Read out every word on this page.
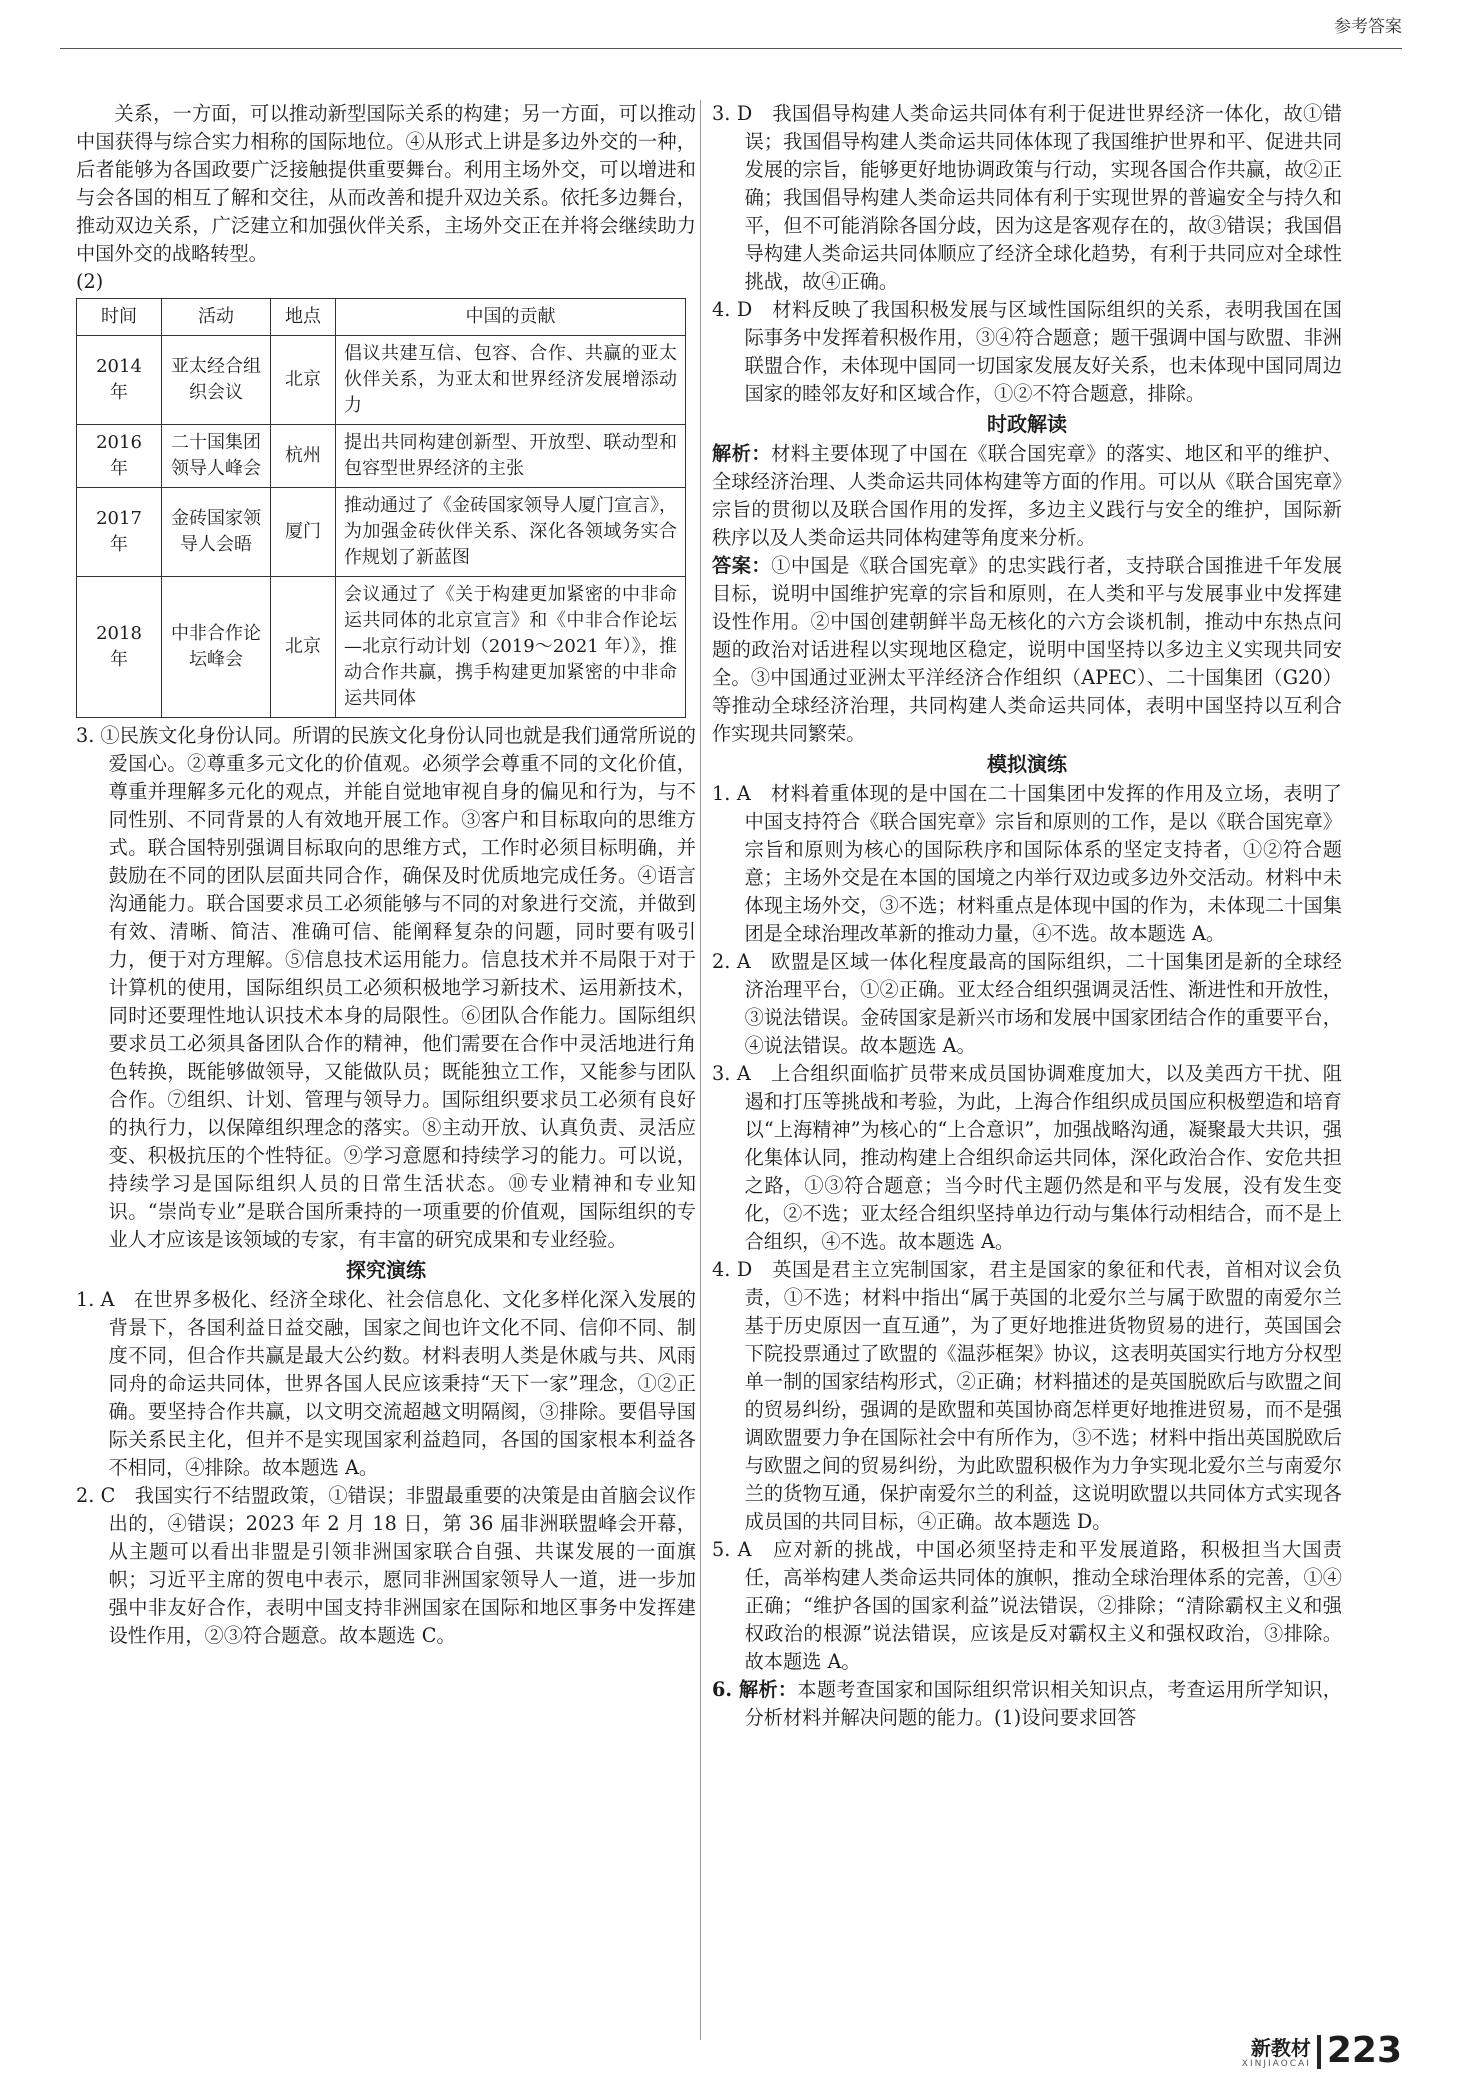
参考答案

关系，一方面，可以推动新型国际关系的构建；另一方面，可以推动中国获得与综合实力相称的国际地位。④从形式上讲是多边外交的一种，后者能够为各国政要广泛接触提供重要舞台。利用主场外交，可以增进和与会各国的相互了解和交往，从而改善和提升双边关系。依托多边舞台，推动双边关系，广泛建立和加强伙伴关系，主场外交正在并将会继续助力中国外交的战略转型。

(2)

时间	活动	地点	中国的贡献
2014 年	亚太经合组织会议	北京	倡议共建互信、包容、合作、共赢的亚太伙伴关系，为亚太和世界经济发展增添动力
2016 年	二十国集团领导人峰会	杭州	提出共同构建创新型、开放型、联动型和包容型世界经济的主张
2017 年	金砖国家领导人会晤	厦门	推动通过了《金砖国家领导人厦门宣言》，为加强金砖伙伴关系、深化各领域务实合作规划了新蓝图
2018 年	中非合作论坛峰会	北京	会议通过了《关于构建更加紧密的中非命运共同体的北京宣言》和《中非合作论坛—北京行动计划（2019～2021 年）》，推动合作共赢，携手构建更加紧密的中非命运共同体

3. ①民族文化身份认同。所谓的民族文化身份认同也就是我们通常所说的爱国心。②尊重多元文化的价值观。必须学会尊重不同的文化价值，尊重并理解多元化的观点，并能自觉地审视自身的偏见和行为，与不同性别、不同背景的人有效地开展工作。③客户和目标取向的思维方式。联合国特别强调目标取向的思维方式，工作时必须目标明确，并鼓励在不同的团队层面共同合作，确保及时优质地完成任务。④语言沟通能力。联合国要求员工必须能够与不同的对象进行交流，并做到有效、清晰、简洁、准确可信、能阐释复杂的问题，同时要有吸引力，便于对方理解。⑤信息技术运用能力。信息技术并不局限于对于计算机的使用，国际组织员工必须积极地学习新技术、运用新技术，同时还要理性地认识技术本身的局限性。⑥团队合作能力。国际组织要求员工必须具备团队合作的精神，他们需要在合作中灵活地进行角色转换，既能够做领导，又能做队员；既能独立工作，又能参与团队合作。⑦组织、计划、管理与领导力。国际组织要求员工必须有良好的执行力，以保障组织理念的落实。⑧主动开放、认真负责、灵活应变、积极抗压的个性特征。⑨学习意愿和持续学习的能力。可以说，持续学习是国际组织人员的日常生活状态。⑩专业精神和专业知识。“崇尚专业”是联合国所秉持的一项重要的价值观，国际组织的专业人才应该是该领域的专家，有丰富的研究成果和专业经验。

探究演练

1. A　在世界多极化、经济全球化、社会信息化、文化多样化深入发展的背景下，各国利益日益交融，国家之间也许文化不同、信仰不同、制度不同，但合作共赢是最大公约数。材料表明人类是休戚与共、风雨同舟的命运共同体，世界各国人民应该秉持“天下一家”理念，①②正确。要坚持合作共赢，以文明交流超越文明隔阂，③排除。要倡导国际关系民主化，但并不是实现国家利益趋同，各国的国家根本利益各不相同，④排除。故本题选 A。

2. C　我国实行不结盟政策，①错误；非盟最重要的决策是由首脑会议作出的，④错误；2023 年 2 月 18 日，第 36 届非洲联盟峰会开幕，从主题可以看出非盟是引领非洲国家联合自强、共谋发展的一面旗帜；习近平主席的贺电中表示，愿同非洲国家领导人一道，进一步加强中非友好合作，表明中国支持非洲国家在国际和地区事务中发挥建设性作用，②③符合题意。故本题选 C。

3. D　我国倡导构建人类命运共同体有利于促进世界经济一体化，故①错误；我国倡导构建人类命运共同体体现了我国维护世界和平、促进共同发展的宗旨，能够更好地协调政策与行动，实现各国合作共赢，故②正确；我国倡导构建人类命运共同体有利于实现世界的普遍安全与持久和平，但不可能消除各国分歧，因为这是客观存在的，故③错误；我国倡导构建人类命运共同体顺应了经济全球化趋势，有利于共同应对全球性挑战，故④正确。

4. D　材料反映了我国积极发展与区域性国际组织的关系，表明我国在国际事务中发挥着积极作用，③④符合题意；题干强调中国与欧盟、非洲联盟合作，未体现中国同一切国家发展友好关系，也未体现中国同周边国家的睦邻友好和区域合作，①②不符合题意，排除。

时政解读

解析：材料主要体现了中国在《联合国宪章》的落实、地区和平的维护、全球经济治理、人类命运共同体构建等方面的作用。可以从《联合国宪章》宗旨的贯彻以及联合国作用的发挥，多边主义践行与安全的维护，国际新秩序以及人类命运共同体构建等角度来分析。

答案：①中国是《联合国宪章》的忠实践行者，支持联合国推进千年发展目标，说明中国维护宪章的宗旨和原则，在人类和平与发展事业中发挥建设性作用。②中国创建朝鲜半岛无核化的六方会谈机制，推动中东热点问题的政治对话进程以实现地区稳定，说明中国坚持以多边主义实现共同安全。③中国通过亚洲太平洋经济合作组织（APEC）、二十国集团（G20）等推动全球经济治理，共同构建人类命运共同体，表明中国坚持以互利合作实现共同繁荣。

模拟演练

1. A　材料着重体现的是中国在二十国集团中发挥的作用及立场，表明了中国支持符合《联合国宪章》宗旨和原则的工作，是以《联合国宪章》宗旨和原则为核心的国际秩序和国际体系的坚定支持者，①②符合题意；主场外交是在本国的国境之内举行双边或多边外交活动。材料中未体现主场外交，③不选；材料重点是体现中国的作为，未体现二十国集团是全球治理改革新的推动力量，④不选。故本题选 A。

2. A　欧盟是区域一体化程度最高的国际组织，二十国集团是新的全球经济治理平台，①②正确。亚太经合组织强调灵活性、渐进性和开放性，③说法错误。金砖国家是新兴市场和发展中国家团结合作的重要平台，④说法错误。故本题选 A。

3. A　上合组织面临扩员带来成员国协调难度加大，以及美西方干扰、阻遏和打压等挑战和考验，为此，上海合作组织成员国应积极塑造和培育以“上海精神”为核心的“上合意识”，加强战略沟通，凝聚最大共识，强化集体认同，推动构建上合组织命运共同体，深化政治合作、安危共担之路，①③符合题意；当今时代主题仍然是和平与发展，没有发生变化，②不选；亚太经合组织坚持单边行动与集体行动相结合，而不是上合组织，④不选。故本题选 A。

4. D　英国是君主立宪制国家，君主是国家的象征和代表，首相对议会负责，①不选；材料中指出“属于英国的北爱尔兰与属于欧盟的南爱尔兰基于历史原因一直互通”，为了更好地推进货物贸易的进行，英国国会下院投票通过了欧盟的《温莎框架》协议，这表明英国实行地方分权型单一制的国家结构形式，②正确；材料描述的是英国脱欧后与欧盟之间的贸易纠纷，强调的是欧盟和英国协商怎样更好地推进贸易，而不是强调欧盟要力争在国际社会中有所作为，③不选；材料中指出英国脱欧后与欧盟之间的贸易纠纷，为此欧盟积极作为力争实现北爱尔兰与南爱尔兰的货物互通，保护南爱尔兰的利益，这说明欧盟以共同体方式实现各成员国的共同目标，④正确。故本题选 D。

5. A　应对新的挑战，中国必须坚持走和平发展道路，积极担当大国责任，高举构建人类命运共同体的旗帜，推动全球治理体系的完善，①④正确；“维护各国的国家利益”说法错误，②排除；“清除霸权主义和强权政治的根源”说法错误，应该是反对霸权主义和强权政治，③排除。故本题选 A。

6. 解析：本题考查国家和国际组织常识相关知识点，考查运用所学知识，分析材料并解决问题的能力。(1)设问要求回答

新教材
XINJIAOCAI 223
